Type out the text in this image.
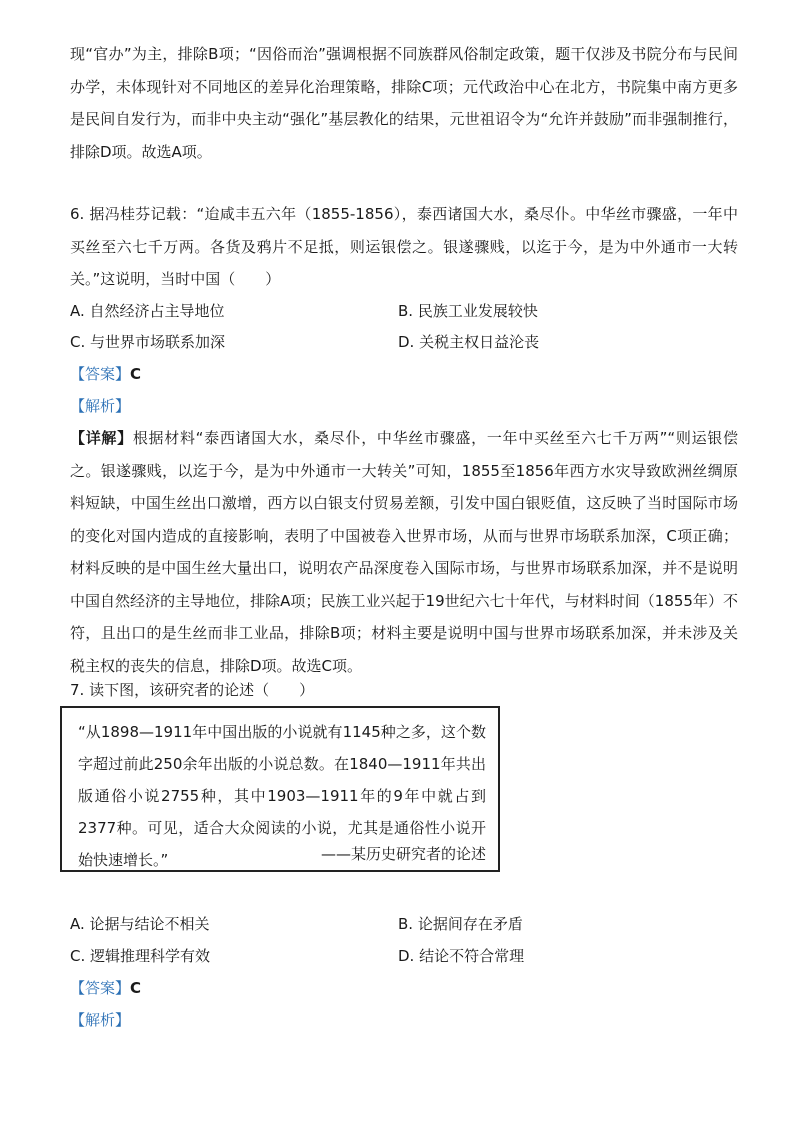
现“官办”为主，排除B项；“因俗而治”强调根据不同族群风俗制定政策，题干仅涉及书院分布与民间办学，未体现针对不同地区的差异化治理策略，排除C项；元代政治中心在北方，书院集中南方更多是民间自发行为，而非中央主动“强化”基层教化的结果，元世祖诏令为“允许并鼓励”而非强制推行，排除D项。故选A项。
6. 据冯桂芬记载：“迨咸丰五六年（1855-1856），泰西诸国大水，桑尽仆。中华丝市骤盛，一年中买丝至六七千万两。各货及鸦片不足抵，则运银偿之。银遂骤贱，以迄于今，是为中外通市一大转关。”这说明，当时中国（　　）
A. 自然经济占主导地位	B. 民族工业发展较快
C. 与世界市场联系加深	D. 关税主权日益沦丧
【答案】C
【解析】
【详解】根据材料“泰西诸国大水，桑尽仆，中华丝市骤盛，一年中买丝至六七千万两”“则运银偿之。银遂骤贱，以迄于今，是为中外通市一大转关”可知，1855至1856年西方水灾导致欧洲丝绸原料短缺，中国生丝出口激增，西方以白银支付贸易差额，引发中国白银贬值，这反映了当时国际市场的变化对国内造成的直接影响，表明了中国被卷入世界市场，从而与世界市场联系加深，C项正确；材料反映的是中国生丝大量出口，说明农产品深度卷入国际市场，与世界市场联系加深，并不是说明中国自然经济的主导地位，排除A项；民族工业兴起于19世纪六七十年代，与材料时间（1855年）不符，且出口的是生丝而非工业品，排除B项；材料主要是说明中国与世界市场联系加深，并未涉及关税主权的丧失的信息，排除D项。故选C项。
7. 读下图，该研究者的论述（　　）
“从1898—1911年中国出版的小说就有1145种之多，这个数字超过前此250余年出版的小说总数。在1840—1911年共出版通俗小说2755种，其中1903—1911年的9年中就占到2377种。可见，适合大众阅读的小说，尤其是通俗性小说开始快速增长。”	——某历史研究者的论述
A. 论据与结论不相关	B. 论据间存在矛盾
C. 逻辑推理科学有效	D. 结论不符合常理
【答案】C
【解析】
